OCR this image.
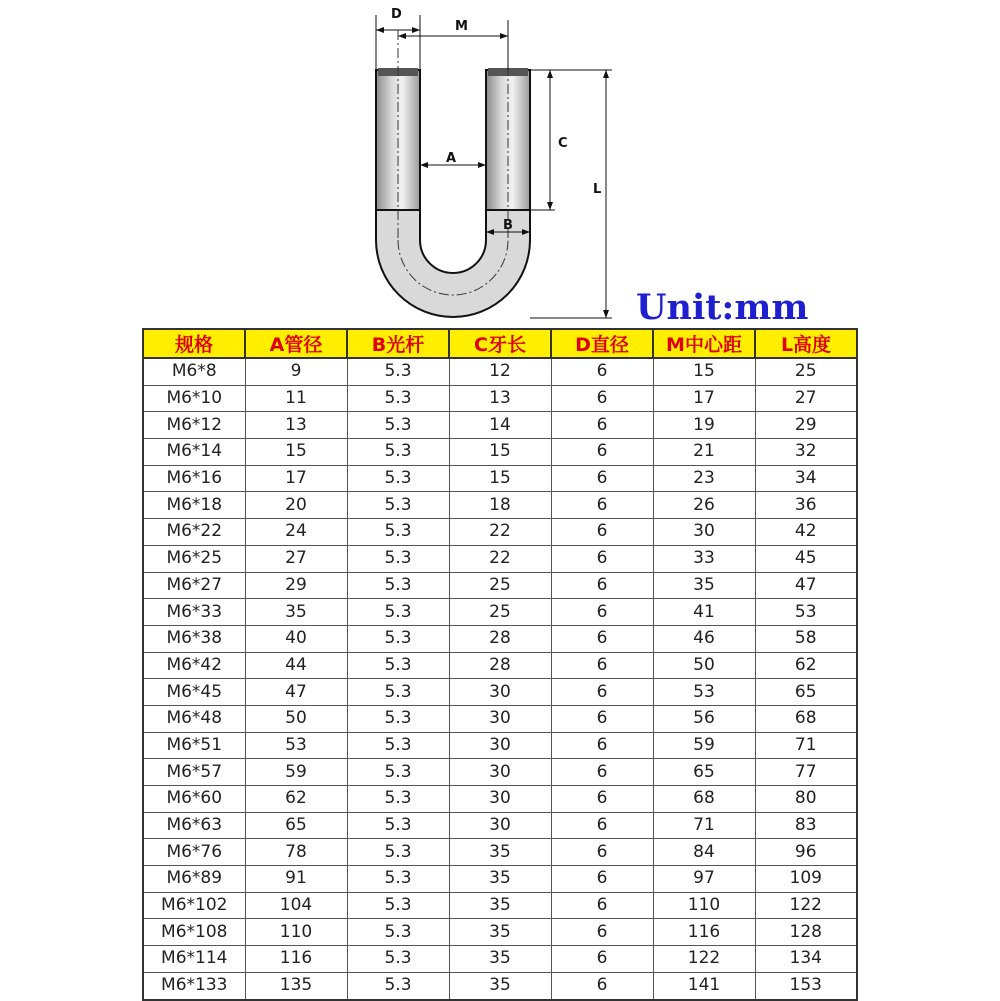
D
M
A
C
B
L
Unit:mm
规格	A管径	B光杆	C牙长	D直径	M中心距	L高度
M6*8	9	5.3	12	6	15	25
M6*10	11	5.3	13	6	17	27
M6*12	13	5.3	14	6	19	29
M6*14	15	5.3	15	6	21	32
M6*16	17	5.3	15	6	23	34
M6*18	20	5.3	18	6	26	36
M6*22	24	5.3	22	6	30	42
M6*25	27	5.3	22	6	33	45
M6*27	29	5.3	25	6	35	47
M6*33	35	5.3	25	6	41	53
M6*38	40	5.3	28	6	46	58
M6*42	44	5.3	28	6	50	62
M6*45	47	5.3	30	6	53	65
M6*48	50	5.3	30	6	56	68
M6*51	53	5.3	30	6	59	71
M6*57	59	5.3	30	6	65	77
M6*60	62	5.3	30	6	68	80
M6*63	65	5.3	30	6	71	83
M6*76	78	5.3	35	6	84	96
M6*89	91	5.3	35	6	97	109
M6*102	104	5.3	35	6	110	122
M6*108	110	5.3	35	6	116	128
M6*114	116	5.3	35	6	122	134
M6*133	135	5.3	35	6	141	153
